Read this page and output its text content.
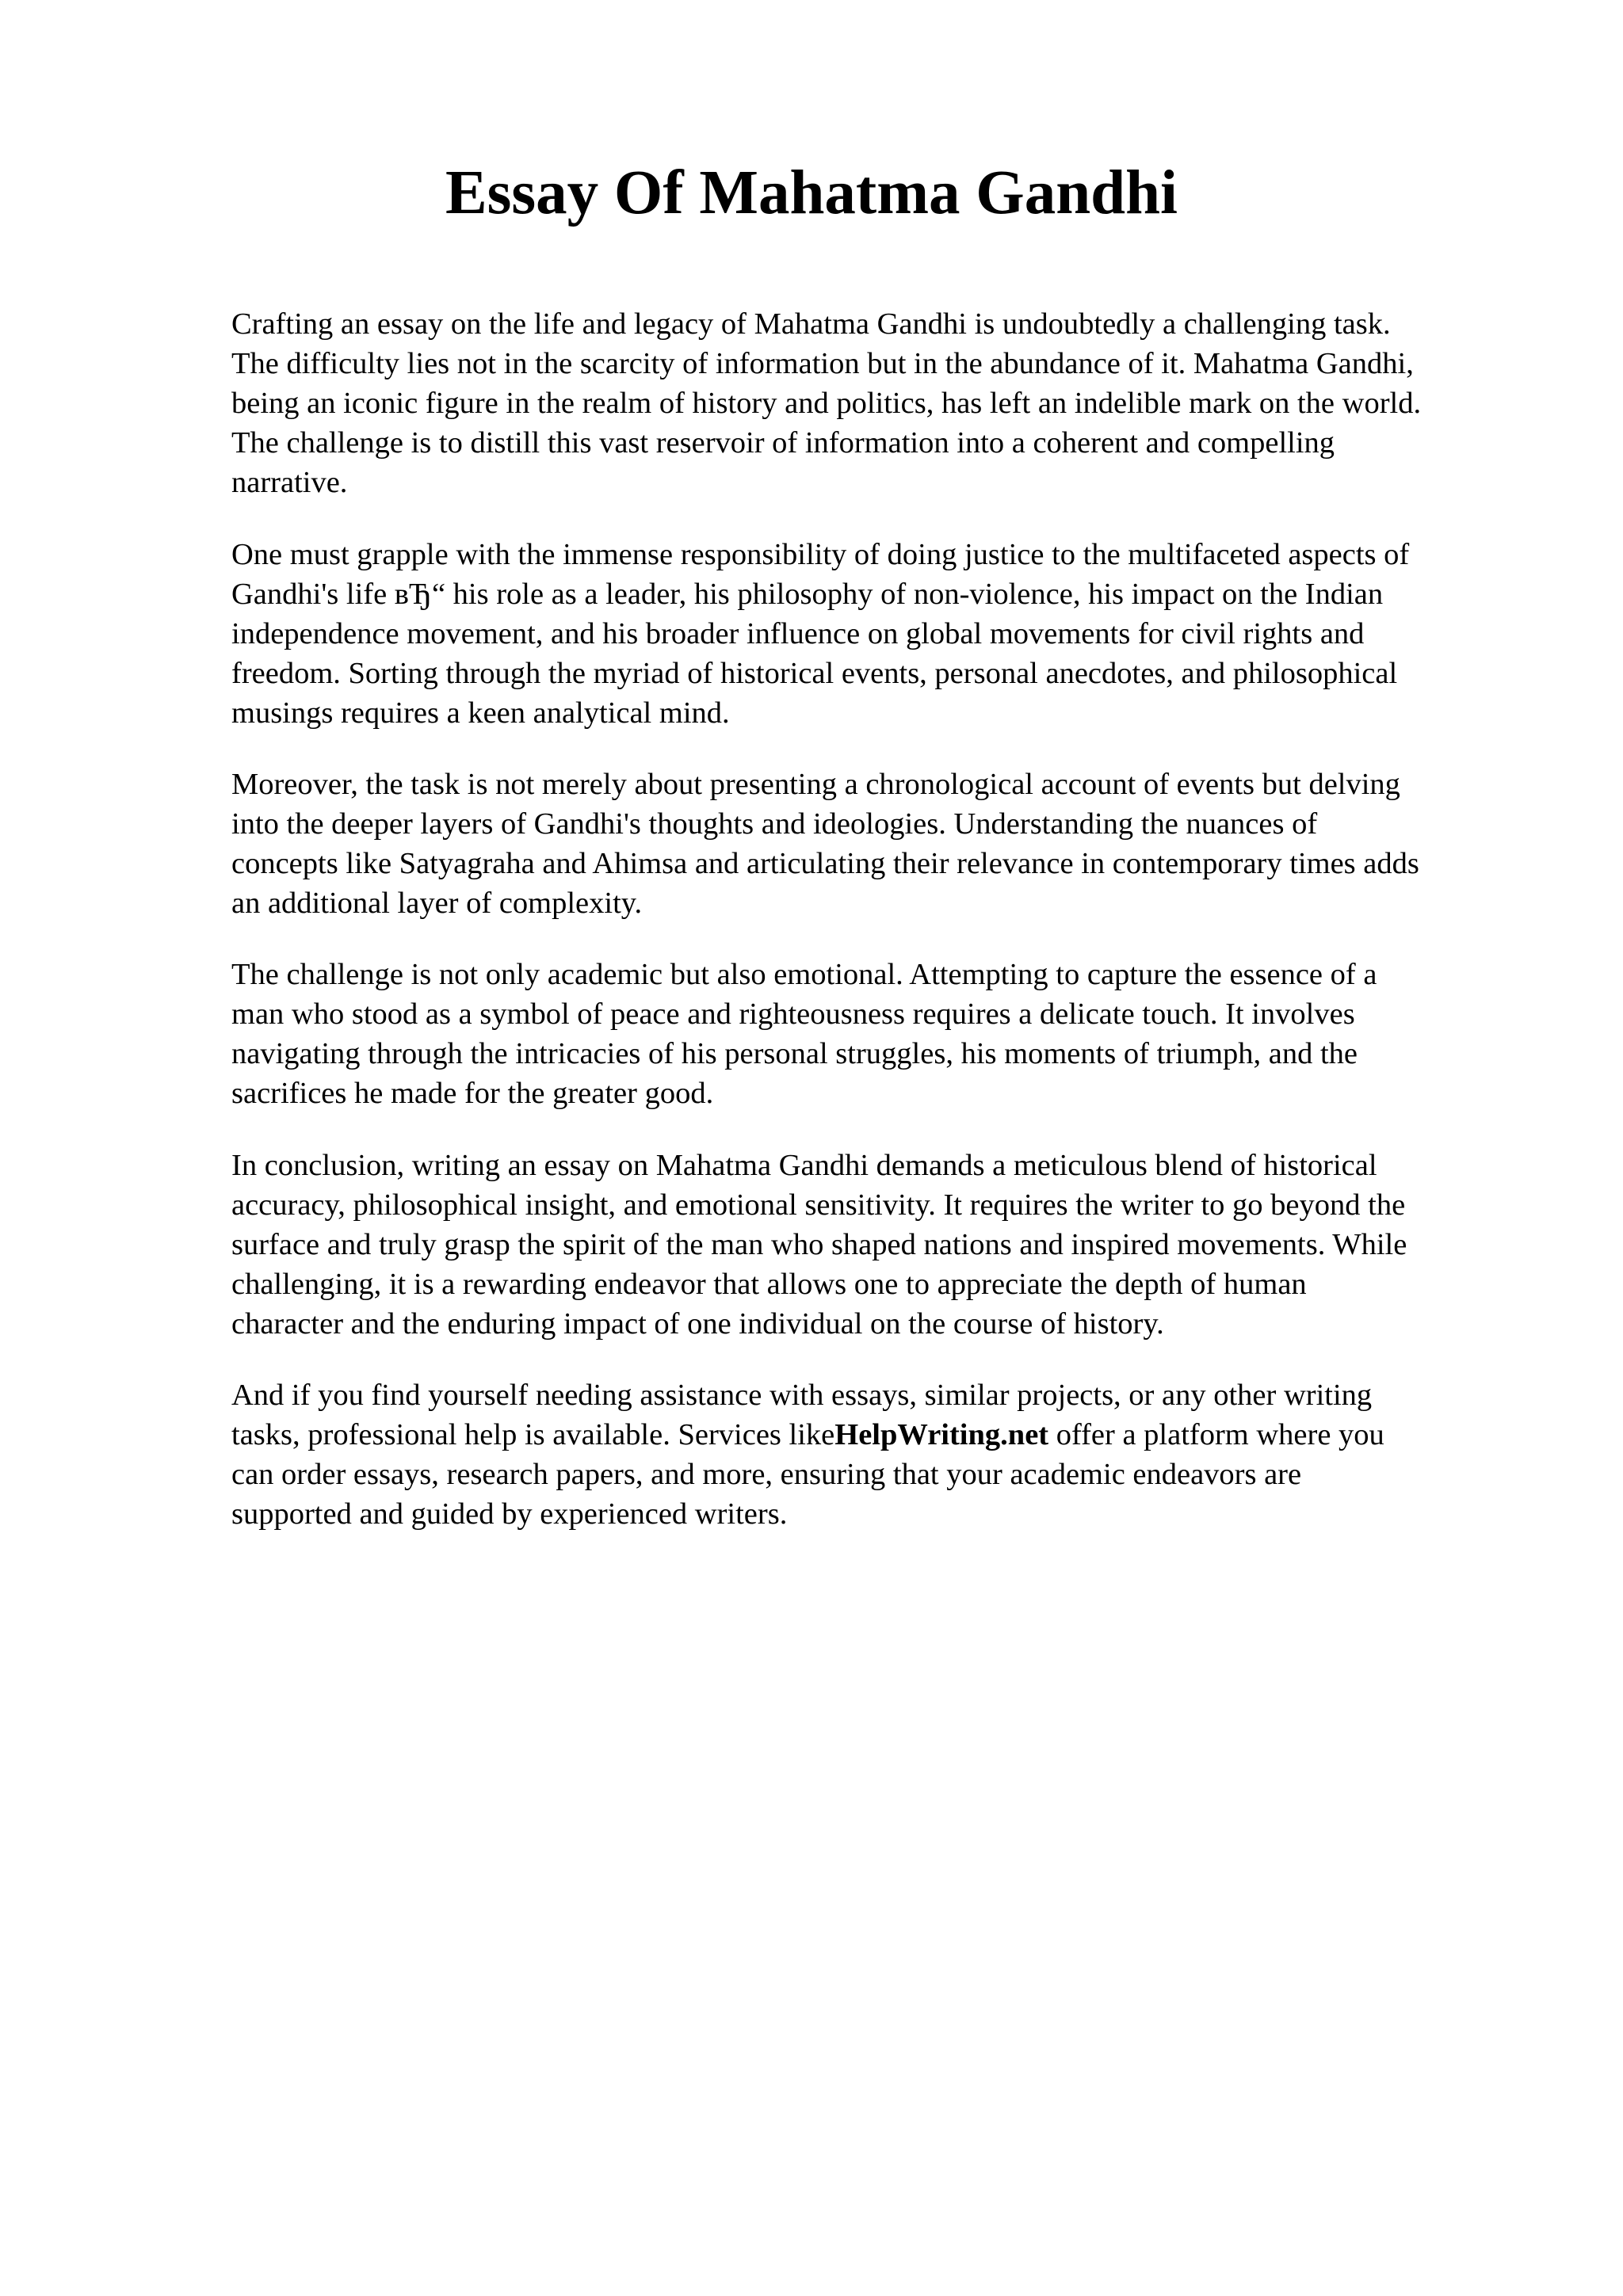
Essay Of Mahatma Gandhi

Crafting an essay on the life and legacy of Mahatma Gandhi is undoubtedly a challenging task.

The difficulty lies not in the scarcity of information but in the abundance of it. Mahatma Gandhi,

being an iconic figure in the realm of history and politics, has left an indelible mark on the world.

The challenge is to distill this vast reservoir of information into a coherent and compelling

narrative.

One must grapple with the immense responsibility of doing justice to the multifaceted aspects of

Gandhi's life вЂ“ his role as a leader, his philosophy of non-violence, his impact on the Indian

independence movement, and his broader influence on global movements for civil rights and

freedom. Sorting through the myriad of historical events, personal anecdotes, and philosophical

musings requires a keen analytical mind.

Moreover, the task is not merely about presenting a chronological account of events but delving

into the deeper layers of Gandhi's thoughts and ideologies. Understanding the nuances of

concepts like Satyagraha and Ahimsa and articulating their relevance in contemporary times adds

an additional layer of complexity.

The challenge is not only academic but also emotional. Attempting to capture the essence of a

man who stood as a symbol of peace and righteousness requires a delicate touch. It involves

navigating through the intricacies of his personal struggles, his moments of triumph, and the

sacrifices he made for the greater good.

In conclusion, writing an essay on Mahatma Gandhi demands a meticulous blend of historical

accuracy, philosophical insight, and emotional sensitivity. It requires the writer to go beyond the

surface and truly grasp the spirit of the man who shaped nations and inspired movements. While

challenging, it is a rewarding endeavor that allows one to appreciate the depth of human

character and the enduring impact of one individual on the course of history.

And if you find yourself needing assistance with essays, similar projects, or any other writing

tasks, professional help is available. Services likeHelpWriting.net offer a platform where you

can order essays, research papers, and more, ensuring that your academic endeavors are

supported and guided by experienced writers.
